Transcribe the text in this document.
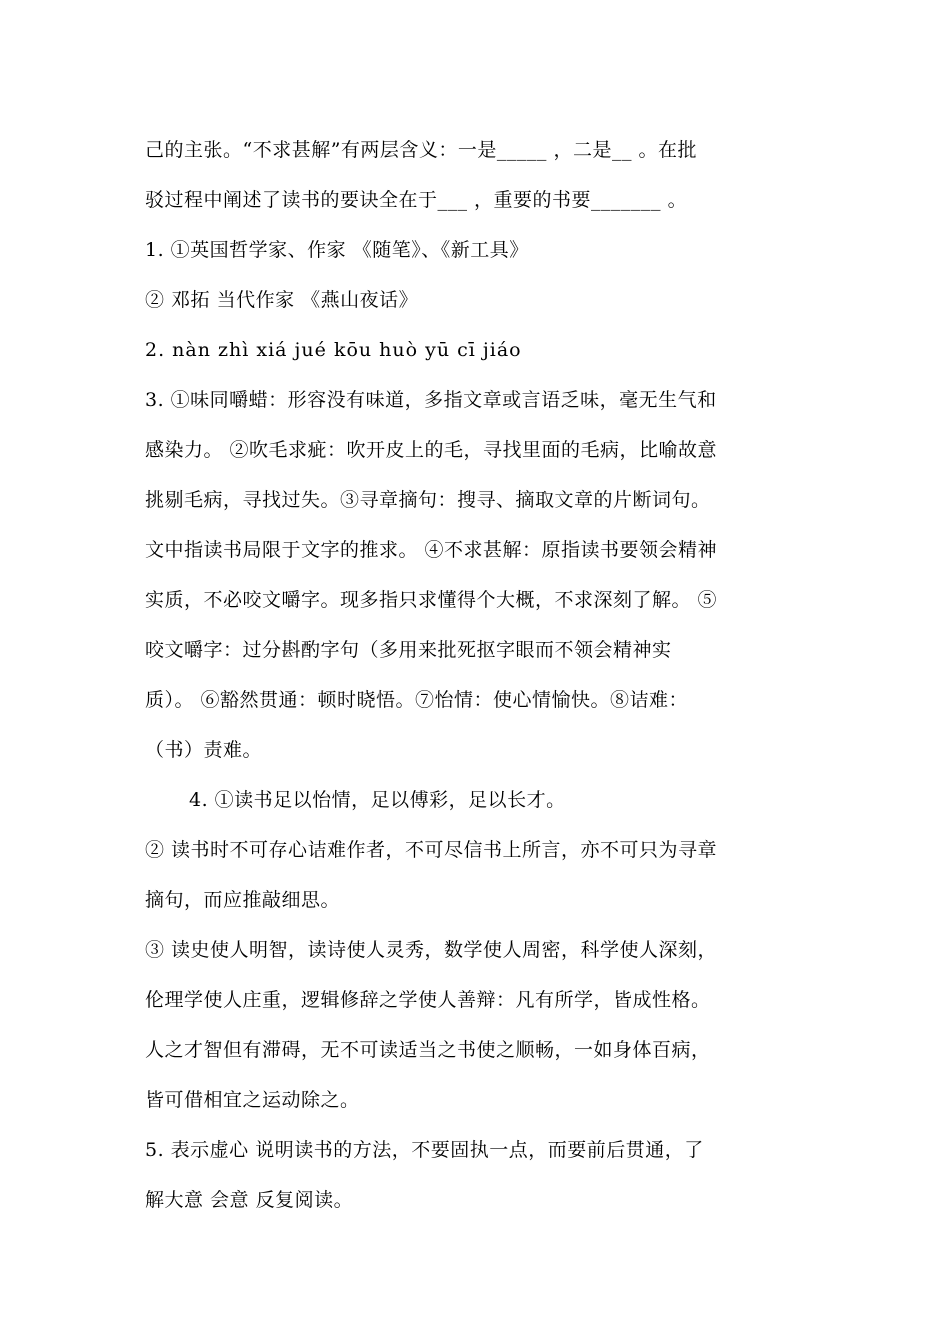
己的主张。“不求甚解”有两层含义：一是_____ ，二是__ 。在批
驳过程中阐述了读书的要诀全在于___ ，重要的书要_______ 。
1. ①英国哲学家、作家 《随笔》、《新工具》
② 邓拓 当代作家 《燕山夜话》
2. nàn zhì xiá jué kōu huò yū cī jiáo
3. ①味同嚼蜡：形容没有味道，多指文章或言语乏味，毫无生气和
感染力。 ②吹毛求疵：吹开皮上的毛，寻找里面的毛病，比喻故意
挑剔毛病，寻找过失。③寻章摘句：搜寻、摘取文章的片断词句。
文中指读书局限于文字的推求。 ④不求甚解：原指读书要领会精神
实质，不必咬文嚼字。现多指只求懂得个大概，不求深刻了解。 ⑤
咬文嚼字：过分斟酌字句（多用来批死抠字眼而不领会精神实
质）。 ⑥豁然贯通：顿时晓悟。⑦怡情：使心情愉快。⑧诘难：
（书）责难。
4. ①读书足以怡情，足以傅彩，足以长才。
② 读书时不可存心诘难作者，不可尽信书上所言，亦不可只为寻章
摘句，而应推敲细思。
③ 读史使人明智，读诗使人灵秀，数学使人周密，科学使人深刻，
伦理学使人庄重，逻辑修辞之学使人善辩：凡有所学，皆成性格。
人之才智但有滞碍，无不可读适当之书使之顺畅，一如身体百病，
皆可借相宜之运动除之。
5. 表示虚心 说明读书的方法，不要固执一点，而要前后贯通，了
解大意 会意 反复阅读。
